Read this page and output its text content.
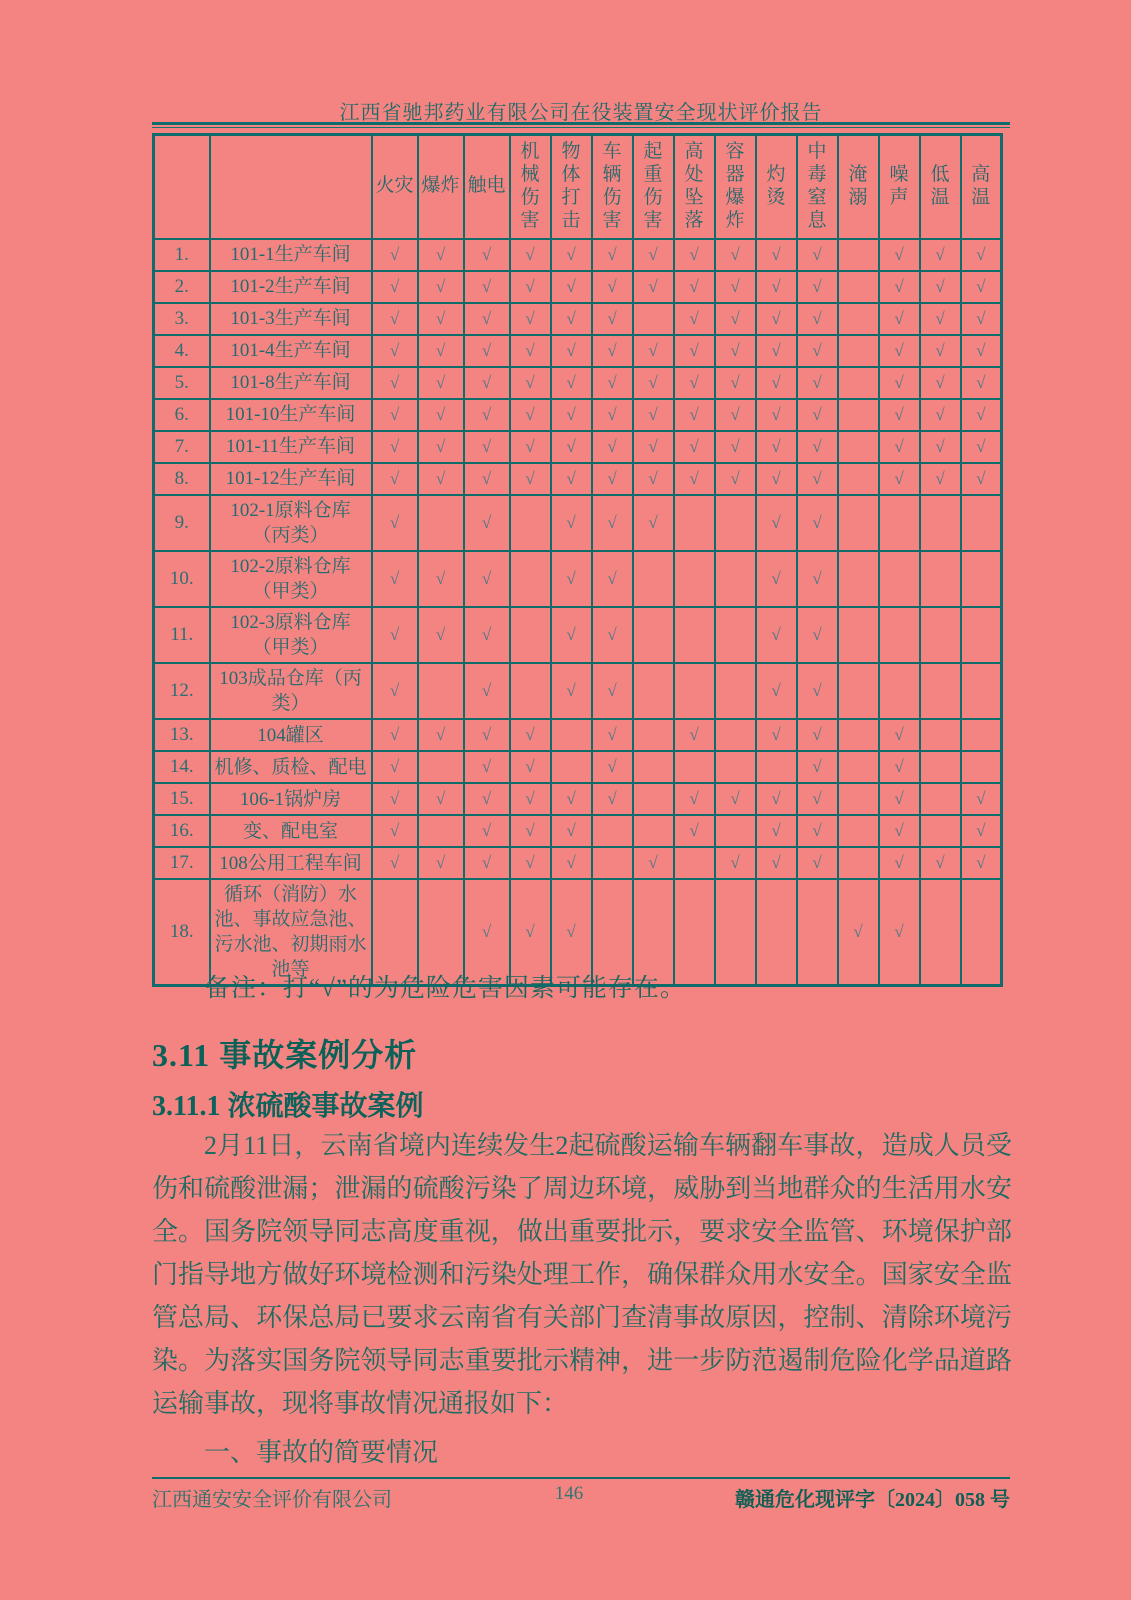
江西省驰邦药业有限公司在役装置安全现状评价报告
		火灾	爆炸	触电	机械伤害	物体打击	车辆伤害	起重伤害	高处坠落	容器爆炸	灼烫	中毒窒息	淹溺	噪声	低温	高温
1.	101-1生产车间	√	√	√	√	√	√	√	√	√	√	√		√	√	√
2.	101-2生产车间	√	√	√	√	√	√	√	√	√	√	√		√	√	√
3.	101-3生产车间	√	√	√	√	√	√		√	√	√	√		√	√	√
4.	101-4生产车间	√	√	√	√	√	√	√	√	√	√	√		√	√	√
5.	101-8生产车间	√	√	√	√	√	√	√	√	√	√	√		√	√	√
6.	101-10生产车间	√	√	√	√	√	√	√	√	√	√	√		√	√	√
7.	101-11生产车间	√	√	√	√	√	√	√	√	√	√	√		√	√	√
8.	101-12生产车间	√	√	√	√	√	√	√	√	√	√	√		√	√	√
9.	102-1原料仓库（丙类）	√		√		√	√	√			√	√				
10.	102-2原料仓库（甲类）	√	√	√		√	√				√	√				
11.	102-3原料仓库（甲类）	√	√	√		√	√				√	√				
12.	103成品仓库（丙类）	√		√		√	√				√	√				
13.	104罐区	√	√	√	√		√		√		√	√		√		
14.	机修、质检、配电	√		√	√		√					√		√		
15.	106-1锅炉房	√	√	√	√	√	√		√	√	√	√		√		√
16.	变、配电室	√		√	√	√			√		√	√		√		√
17.	108公用工程车间	√	√	√	√	√		√		√	√	√		√	√	√
18.	循环（消防）水池、事故应急池、污水池、初期雨水池等			√	√	√							√	√		
备注：打“√”的为危险危害因素可能存在。
3.11 事故案例分析
3.11.1 浓硫酸事故案例
2月11日，云南省境内连续发生2起硫酸运输车辆翻车事故，造成人员受伤和硫酸泄漏；泄漏的硫酸污染了周边环境，威胁到当地群众的生活用水安全。国务院领导同志高度重视，做出重要批示，要求安全监管、环境保护部门指导地方做好环境检测和污染处理工作，确保群众用水安全。国家安全监管总局、环保总局已要求云南省有关部门查清事故原因，控制、清除环境污染。为落实国务院领导同志重要批示精神，进一步防范遏制危险化学品道路运输事故，现将事故情况通报如下：
一、事故的简要情况
江西通安安全评价有限公司	146	赣通危化现评字〔2024〕058 号
